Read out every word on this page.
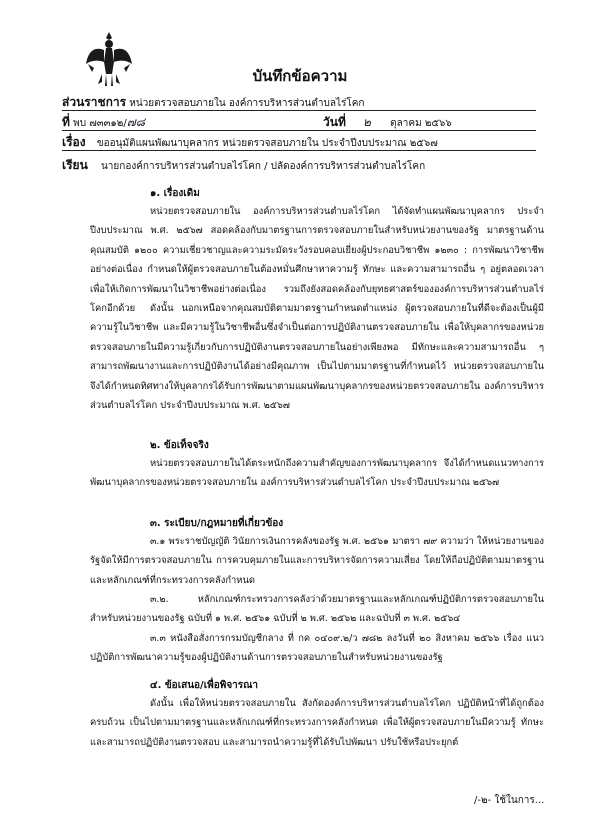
บันทึกข้อความ
ส่วนราชการ หน่วยตรวจสอบภายใน องค์การบริหารส่วนตำบลไร่โคก
ที่ พบ ๗๓๓๑๒/๗๘	วันที่ ๒ ตุลาคม ๒๕๖๖
เรื่อง ขออนุมัติแผนพัฒนาบุคลากร หน่วยตรวจสอบภายใน ประจำปีงบประมาณ ๒๕๖๗
เรียน นายกองค์การบริหารส่วนตำบลไร่โคก / ปลัดองค์การบริหารส่วนตำบลไร่โคก
๑. เรื่องเดิม

หน่วยตรวจสอบภายใน องค์การบริหารส่วนตำบลไร่โคก ได้จัดทำแผนพัฒนาบุคลากร ประจำปีงบประมาณ พ.ศ. ๒๕๖๗ สอดคล้องกับมาตรฐานการตรวจสอบภายในสำหรับหน่วยงานของรัฐ มาตรฐานด้านคุณสมบัติ ๑๒๐๐ ความเชี่ยวชาญและความระมัดระวังรอบคอบเยี่ยงผู้ประกอบวิชาชีพ ๑๒๓๐ : การพัฒนาวิชาชีพอย่างต่อเนื่อง กำหนดให้ผู้ตรวจสอบภายในต้องหมั่นศึกษาหาความรู้ ทักษะ และความสามารถอื่น ๆ อยู่ตลอดเวลา เพื่อให้เกิดการพัฒนาในวิชาชีพอย่างต่อเนื่อง รวมถึงยังสอดคล้องกับยุทธศาสตร์ขององค์การบริหารส่วนตำบลไร่โคกอีกด้วย	ดังนั้น นอกเหนือจากคุณสมบัติตามมาตรฐานกำหนดตำแหน่ง ผู้ตรวจสอบภายในที่ดีจะต้องเป็นผู้มีความรู้ในวิชาชีพ และมีความรู้ในวิชาชีพอื่นซึ่งจำเป็นต่อการปฏิบัติงานตรวจสอบภายใน เพื่อให้บุคลากรของหน่วยตรวจสอบภายในมีความรู้เกี่ยวกับการปฏิบัติงานตรวจสอบภายในอย่างเพียงพอ มีทักษะและความสามารถอื่น ๆ สามารถพัฒนางานและการปฏิบัติงานได้อย่างมีคุณภาพ เป็นไปตามมาตรฐานที่กำหนดไว้ หน่วยตรวจสอบภายใน จึงได้กำหนดทิศทางให้บุคลากรได้รับการพัฒนาตามแผนพัฒนาบุคลากรของหน่วยตรวจสอบภายใน องค์การบริหารส่วนตำบลไร่โคก ประจำปีงบประมาณ พ.ศ. ๒๕๖๗

๒. ข้อเท็จจริง

หน่วยตรวจสอบภายในได้ตระหนักถึงความสำคัญของการพัฒนาบุคลากร จึงได้กำหนดแนวทางการพัฒนาบุคลากรของหน่วยตรวจสอบภายใน องค์การบริหารส่วนตำบลไร่โคก ประจำปีงบประมาณ ๒๕๖๗

๓. ระเบียบ/กฎหมายที่เกี่ยวข้อง

๓.๑ พระราชบัญญัติ วินัยการเงินการคลังของรัฐ พ.ศ. ๒๕๖๑ มาตรา ๗๙ ความว่า ให้หน่วยงานของรัฐจัดให้มีการตรวจสอบภายใน การควบคุมภายในและการบริหารจัดการความเสี่ยง โดยให้ถือปฏิบัติตามมาตรฐานและหลักเกณฑ์ที่กระทรวงการคลังกำหนด

๓.๒. หลักเกณฑ์กระทรวงการคลังว่าด้วยมาตรฐานและหลักเกณฑ์ปฏิบัติการตรวจสอบภายในสำหรับหน่วยงานของรัฐ ฉบับที่ ๑ พ.ศ. ๒๕๖๑ ฉบับที่ ๒ พ.ศ. ๒๕๖๒ และฉบับที่ ๓ พ.ศ. ๒๕๖๔

๓.๓ หนังสือสั่งการกรมบัญชีกลาง ที่ กค ๐๔๐๙.๒/ว ๗๘๒ ลงวันที่ ๒๐ สิงหาคม ๒๕๖๖ เรื่อง แนวปฏิบัติการพัฒนาความรู้ของผู้ปฏิบัติงานด้านการตรวจสอบภายในสำหรับหน่วยงานของรัฐ

๔. ข้อเสนอ/เพื่อพิจารณา

ดังนั้น เพื่อให้หน่วยตรวจสอบภายใน สังกัดองค์การบริหารส่วนตำบลไร่โคก ปฏิบัติหน้าที่ได้ถูกต้องครบถ้วน เป็นไปตามมาตรฐานและหลักเกณฑ์ที่กระทรวงการคลังกำหนด เพื่อให้ผู้ตรวจสอบภายในมีความรู้ ทักษะ และสามารถปฏิบัติงานตรวจสอบ และสามารถนำความรู้ที่ได้รับไปพัฒนา ปรับใช้หรือประยุกต์

/-๒- ใช้ในการ...
